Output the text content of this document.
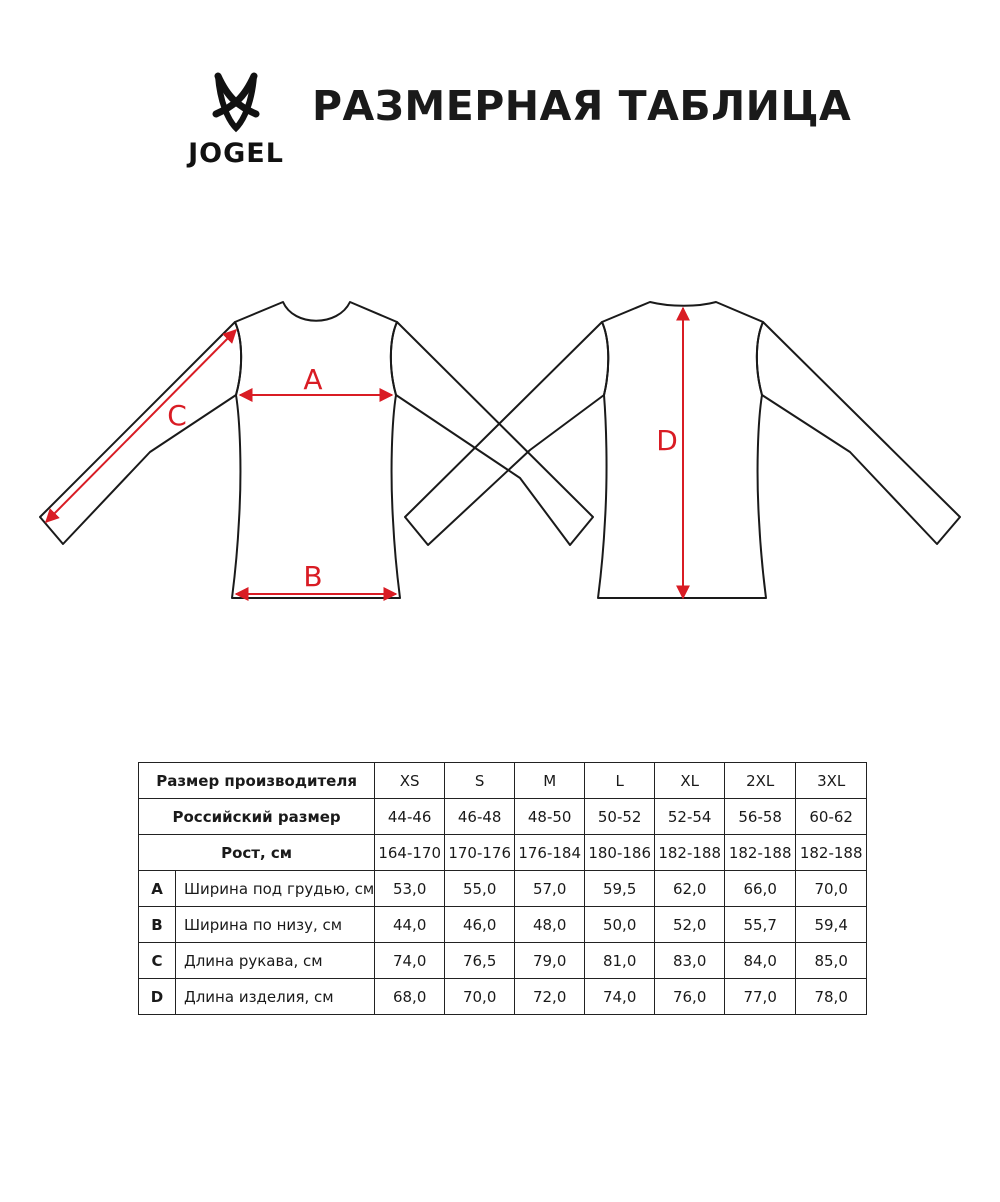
JOGEL
РАЗМЕРНАЯ ТАБЛИЦА
A
B
C
D
Размер производителя		XS	S	M	L	XL	2XL	3XL
Российский размер		44-46	46-48	48-50	50-52	52-54	56-58	60-62
Рост, см		164-170	170-176	176-184	180-186	182-188	182-188	182-188
A	Ширина под грудью, см	53,0	55,0	57,0	59,5	62,0	66,0	70,0
B	Ширина по низу, см	44,0	46,0	48,0	50,0	52,0	55,7	59,4
C	Длина рукава, см	74,0	76,5	79,0	81,0	83,0	84,0	85,0
D	Длина изделия, см	68,0	70,0	72,0	74,0	76,0	77,0	78,0
